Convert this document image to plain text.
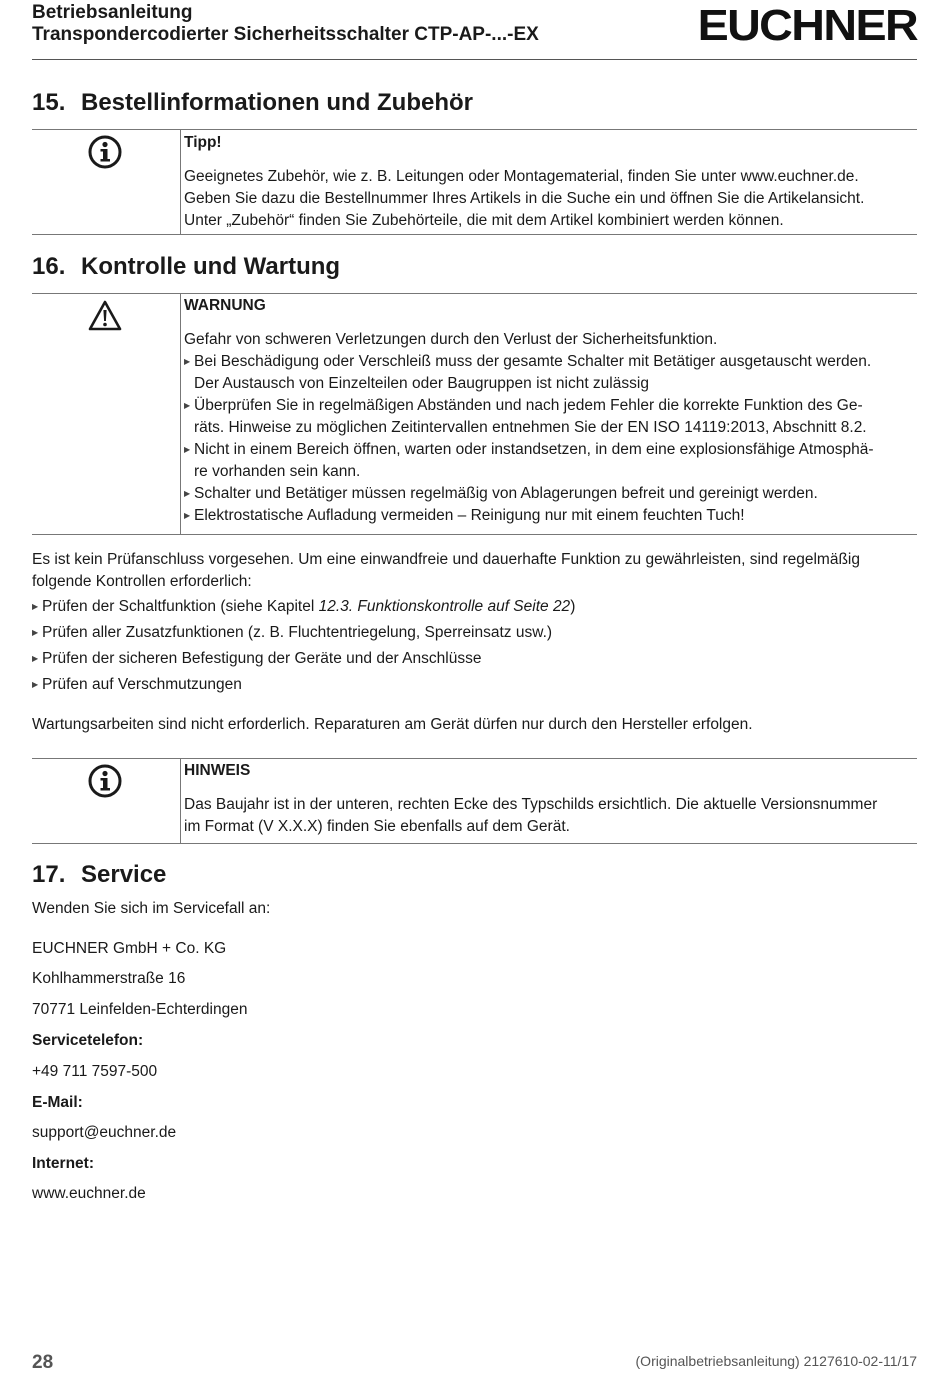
Betriebsanleitung
Transpondercodierter Sicherheitsschalter CTP-AP-...-EX	EUCHNER
15. Bestellinformationen und Zubehör
Tipp!

Geeignetes Zubehör, wie z. B. Leitungen oder Montagematerial, finden Sie unter www.euchner.de.

Geben Sie dazu die Bestellnummer Ihres Artikels in die Suche ein und öffnen Sie die Artikelansicht.

Unter „Zubehör“ finden Sie Zubehörteile, die mit dem Artikel kombiniert werden können.

16. Kontrolle und Wartung
WARNUNG

Gefahr von schweren Verletzungen durch den Verlust der Sicherheitsfunktion.

▶ Bei Beschädigung oder Verschleiß muss der gesamte Schalter mit Betätiger ausgetauscht werden.
Der Austausch von Einzelteilen oder Baugruppen ist nicht zulässig
▶ Überprüfen Sie in regelmäßigen Abständen und nach jedem Fehler die korrekte Funktion des Ge-
räts. Hinweise zu möglichen Zeitintervallen entnehmen Sie der EN ISO 14119:2013, Abschnitt 8.2.
▶ Nicht in einem Bereich öffnen, warten oder instandsetzen, in dem eine explosionsfähige Atmosphä-
re vorhanden sein kann.
▶ Schalter und Betätiger müssen regelmäßig von Ablagerungen befreit und gereinigt werden.
▶ Elektrostatische Aufladung vermeiden – Reinigung nur mit einem feuchten Tuch!

Es ist kein Prüfanschluss vorgesehen. Um eine einwandfreie und dauerhafte Funktion zu gewährleisten, sind regelmäßig

folgende Kontrollen erforderlich:

▶ Prüfen der Schaltfunktion (siehe Kapitel 12.3. Funktionskontrolle auf Seite 22)
▶ Prüfen aller Zusatzfunktionen (z. B. Fluchtentriegelung, Sperreinsatz usw.)
▶ Prüfen der sicheren Befestigung der Geräte und der Anschlüsse
▶ Prüfen auf Verschmutzungen

Wartungsarbeiten sind nicht erforderlich. Reparaturen am Gerät dürfen nur durch den Hersteller erfolgen.

HINWEIS

Das Baujahr ist in der unteren, rechten Ecke des Typschilds ersichtlich. Die aktuelle Versionsnummer

im Format (V X.X.X) finden Sie ebenfalls auf dem Gerät.

17. Service
Wenden Sie sich im Servicefall an:
EUCHNER GmbH + Co. KG
Kohlhammerstraße 16
70771 Leinfelden-Echterdingen
Servicetelefon:
+49 711 7597-500
E-Mail:
support@euchner.de
Internet:
www.euchner.de
28	(Originalbetriebsanleitung) 2127610-02-11/17
